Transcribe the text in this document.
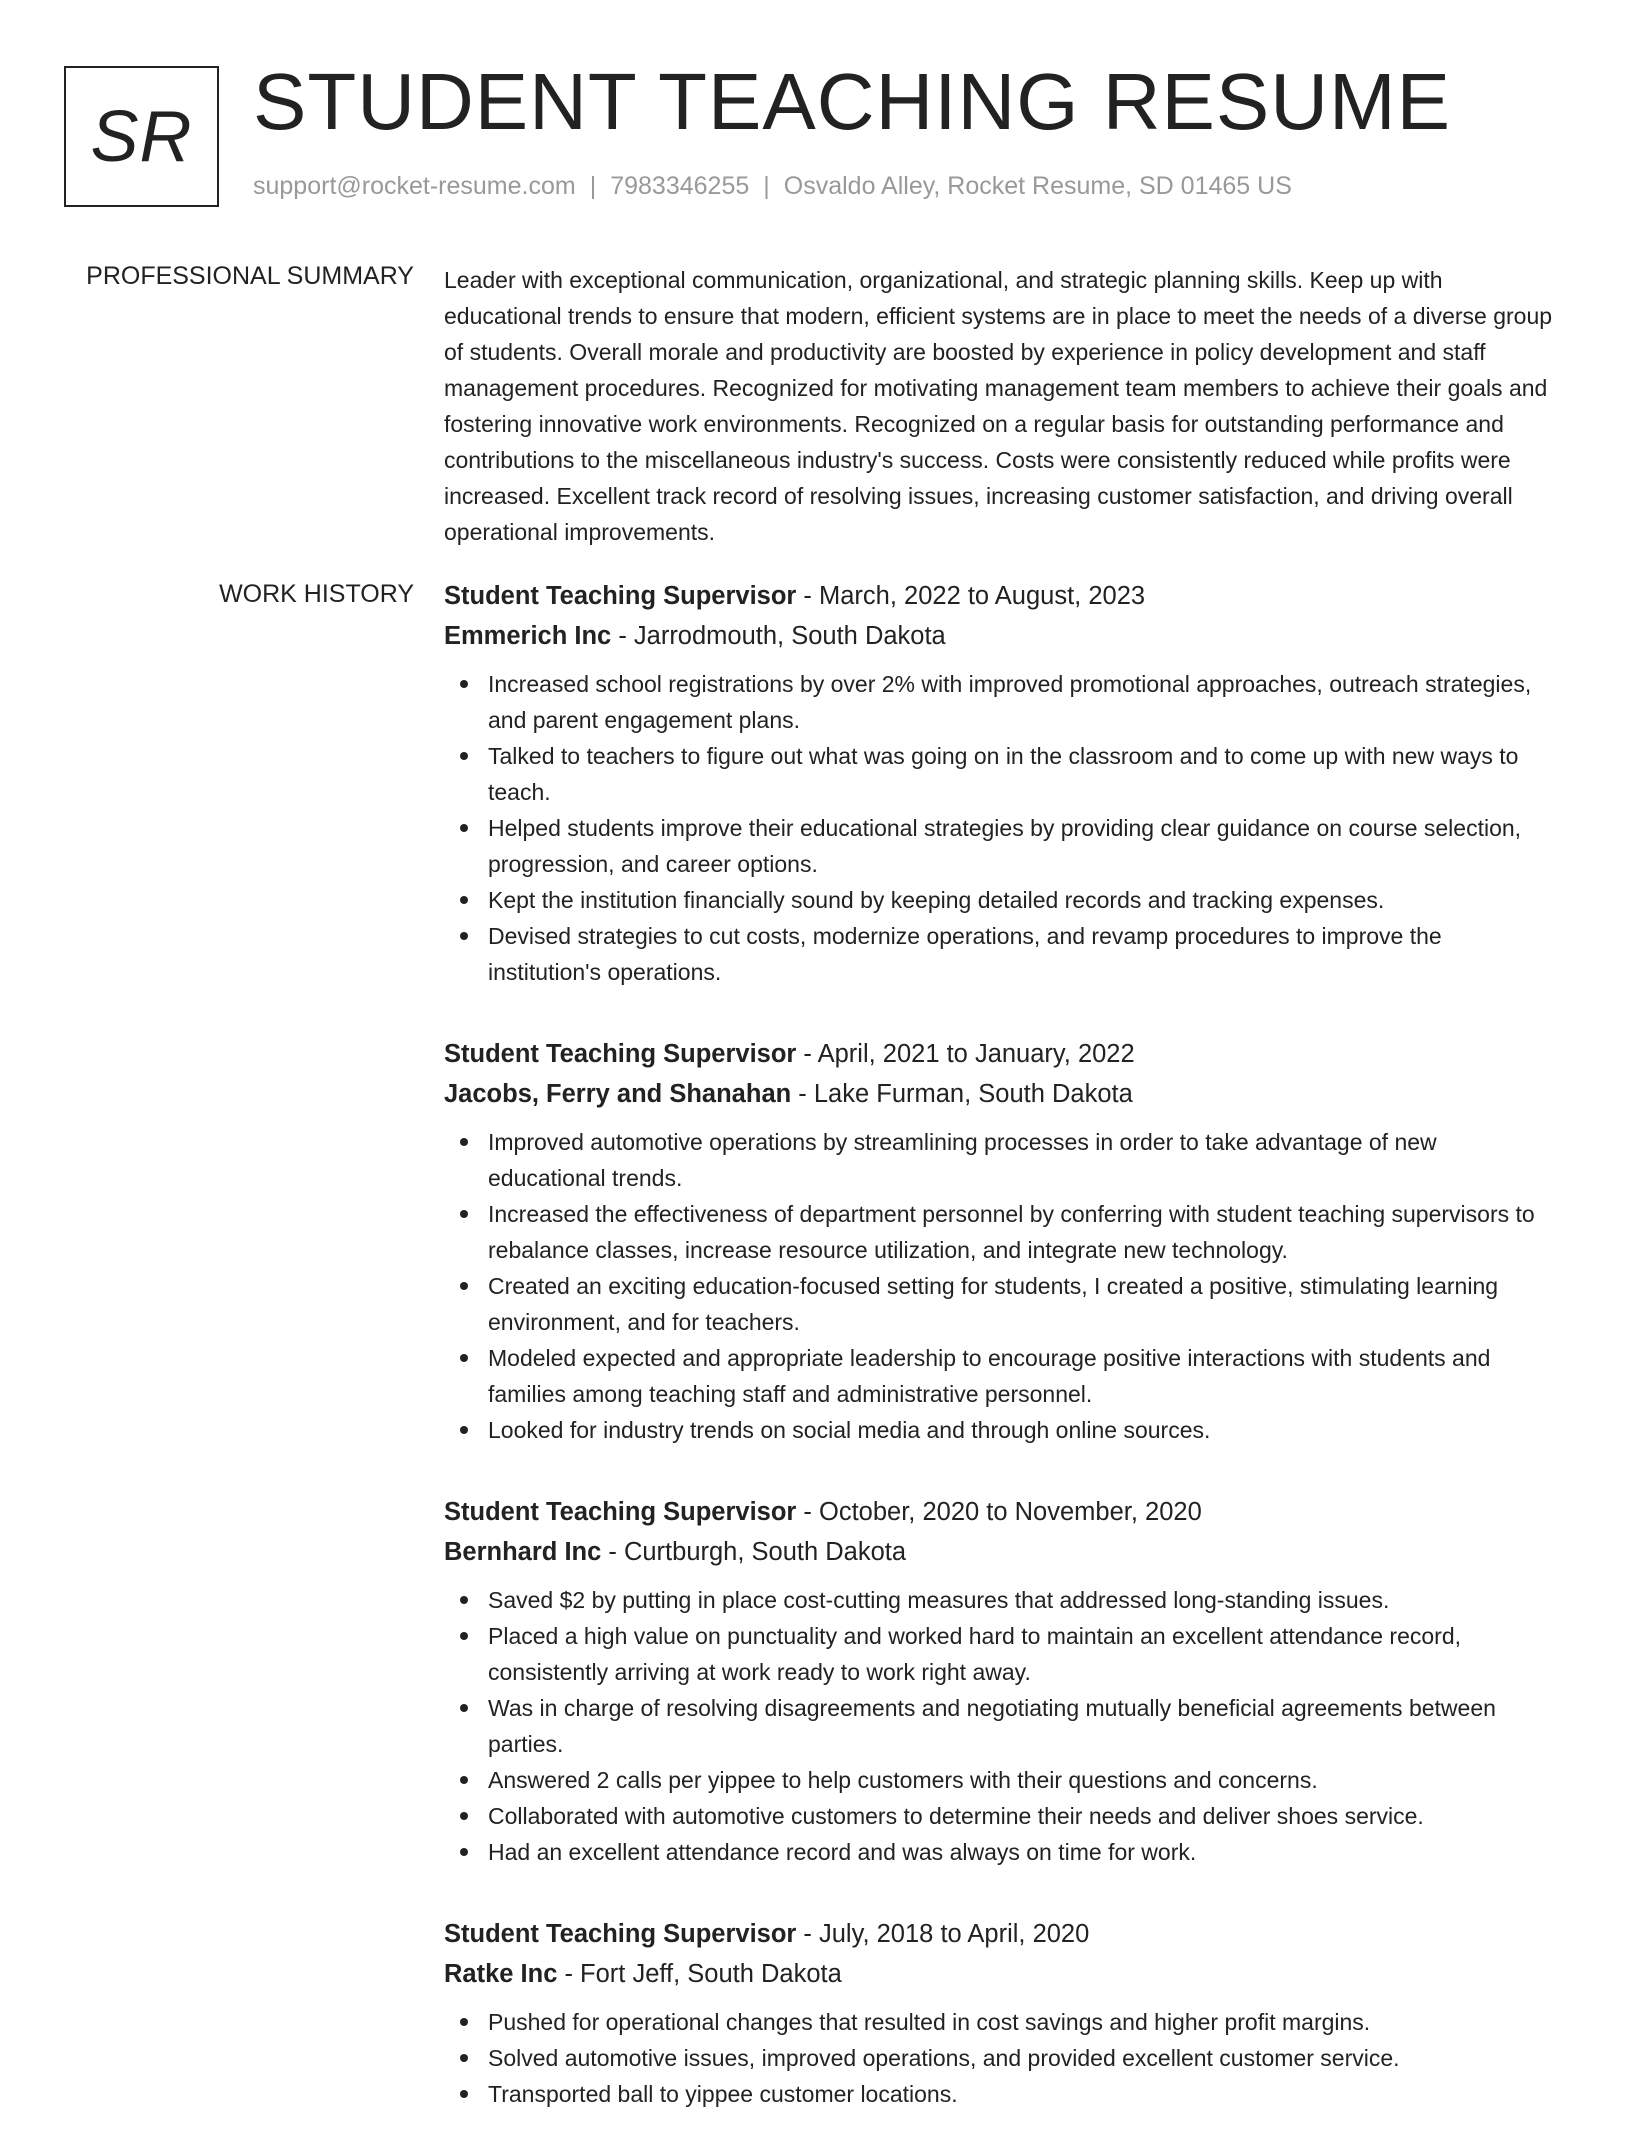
SR STUDENT TEACHING RESUME
support@rocket-resume.com | 7983346255 | Osvaldo Alley, Rocket Resume, SD 01465 US
PROFESSIONAL SUMMARY Leader with exceptional communication, organizational, and strategic planning skills. Keep up with educational trends to ensure that modern, efficient systems are in place to meet the needs of a diverse group of students. Overall morale and productivity are boosted by experience in policy development and staff management procedures. Recognized for motivating management team members to achieve their goals and fostering innovative work environments. Recognized on a regular basis for outstanding performance and contributions to the miscellaneous industry's success. Costs were consistently reduced while profits were increased. Excellent track record of resolving issues, increasing customer satisfaction, and driving overall operational improvements.
WORK HISTORY Student Teaching Supervisor - March, 2022 to August, 2023
Emmerich Inc - Jarrodmouth, South Dakota
Increased school registrations by over 2% with improved promotional approaches, outreach strategies, and parent engagement plans.
Talked to teachers to figure out what was going on in the classroom and to come up with new ways to teach.
Helped students improve their educational strategies by providing clear guidance on course selection, progression, and career options.
Kept the institution financially sound by keeping detailed records and tracking expenses.
Devised strategies to cut costs, modernize operations, and revamp procedures to improve the institution's operations.
Student Teaching Supervisor - April, 2021 to January, 2022
Jacobs, Ferry and Shanahan - Lake Furman, South Dakota
Improved automotive operations by streamlining processes in order to take advantage of new educational trends.
Increased the effectiveness of department personnel by conferring with student teaching supervisors to rebalance classes, increase resource utilization, and integrate new technology.
Created an exciting education-focused setting for students, I created a positive, stimulating learning environment, and for teachers.
Modeled expected and appropriate leadership to encourage positive interactions with students and families among teaching staff and administrative personnel.
Looked for industry trends on social media and through online sources.
Student Teaching Supervisor - October, 2020 to November, 2020
Bernhard Inc - Curtburgh, South Dakota
Saved $2 by putting in place cost-cutting measures that addressed long-standing issues.
Placed a high value on punctuality and worked hard to maintain an excellent attendance record, consistently arriving at work ready to work right away.
Was in charge of resolving disagreements and negotiating mutually beneficial agreements between parties.
Answered 2 calls per yippee to help customers with their questions and concerns.
Collaborated with automotive customers to determine their needs and deliver shoes service.
Had an excellent attendance record and was always on time for work.
Student Teaching Supervisor - July, 2018 to April, 2020
Ratke Inc - Fort Jeff, South Dakota
Pushed for operational changes that resulted in cost savings and higher profit margins.
Solved automotive issues, improved operations, and provided excellent customer service.
Transported ball to yippee customer locations.
